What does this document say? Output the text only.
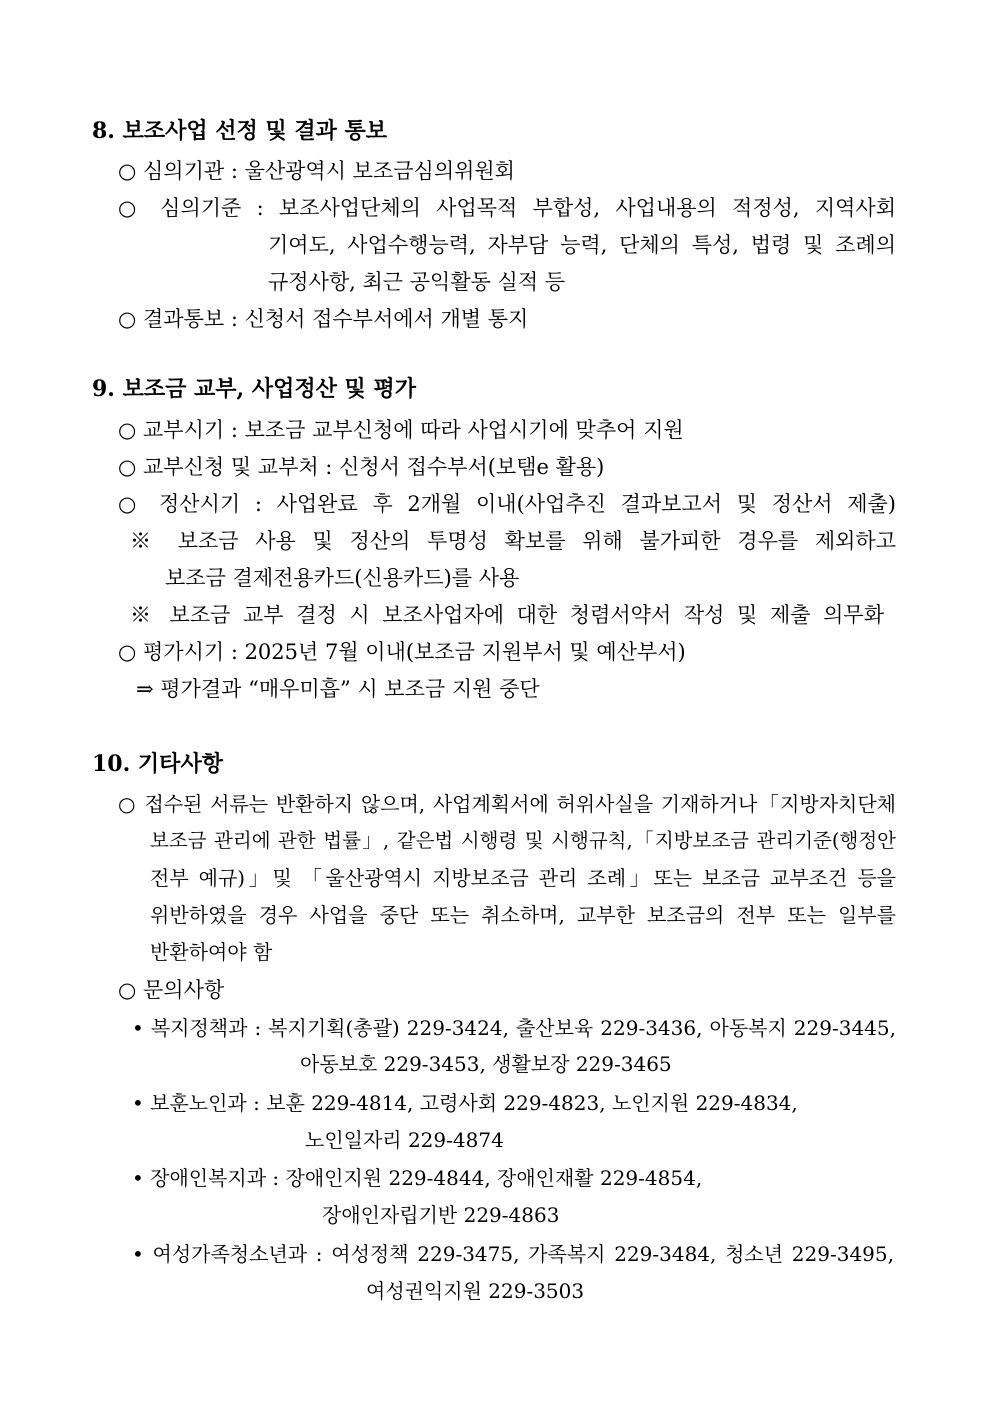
8. 보조사업 선정 및 결과 통보
○ 심의기관 : 울산광역시 보조금심의위원회
○ 심의기준 : 보조사업단체의 사업목적 부합성, 사업내용의 적정성, 지역사회
기여도, 사업수행능력, 자부담 능력, 단체의 특성, 법령 및 조례의
규정사항, 최근 공익활동 실적 등
○ 결과통보 : 신청서 접수부서에서 개별 통지
9. 보조금 교부, 사업정산 및 평가
○ 교부시기 : 보조금 교부신청에 따라 사업시기에 맞추어 지원
○ 교부신청 및 교부처 : 신청서 접수부서(보탬e 활용)
○ 정산시기 : 사업완료 후 2개월 이내(사업추진 결과보고서 및 정산서 제출)
※ 보조금 사용 및 정산의 투명성 확보를 위해 불가피한 경우를 제외하고
보조금 결제전용카드(신용카드)를 사용
※ 보조금 교부 결정 시 보조사업자에 대한 청렴서약서 작성 및 제출 의무화
○ 평가시기 : 2025년 7월 이내(보조금 지원부서 및 예산부서)
⇒ 평가결과 “매우미흡” 시 보조금 지원 중단
10. 기타사항
○ 접수된 서류는 반환하지 않으며, 사업계획서에 허위사실을 기재하거나「지방자치단체
보조금 관리에 관한 법률」, 같은법 시행령 및 시행규칙,「지방보조금 관리기준(행정안
전부 예규)」및 「울산광역시 지방보조금 관리 조례」또는 보조금 교부조건 등을
위반하였을 경우 사업을 중단 또는 취소하며, 교부한 보조금의 전부 또는 일부를
반환하여야 함
○ 문의사항
• 복지정책과 : 복지기획(총괄) 229-3424, 출산보육 229-3436, 아동복지 229-3445,
아동보호 229-3453, 생활보장 229-3465
• 보훈노인과 : 보훈 229-4814, 고령사회 229-4823, 노인지원 229-4834,
노인일자리 229-4874
• 장애인복지과 : 장애인지원 229-4844, 장애인재활 229-4854,
장애인자립기반 229-4863
• 여성가족청소년과 : 여성정책 229-3475, 가족복지 229-3484, 청소년 229-3495,
여성권익지원 229-3503
